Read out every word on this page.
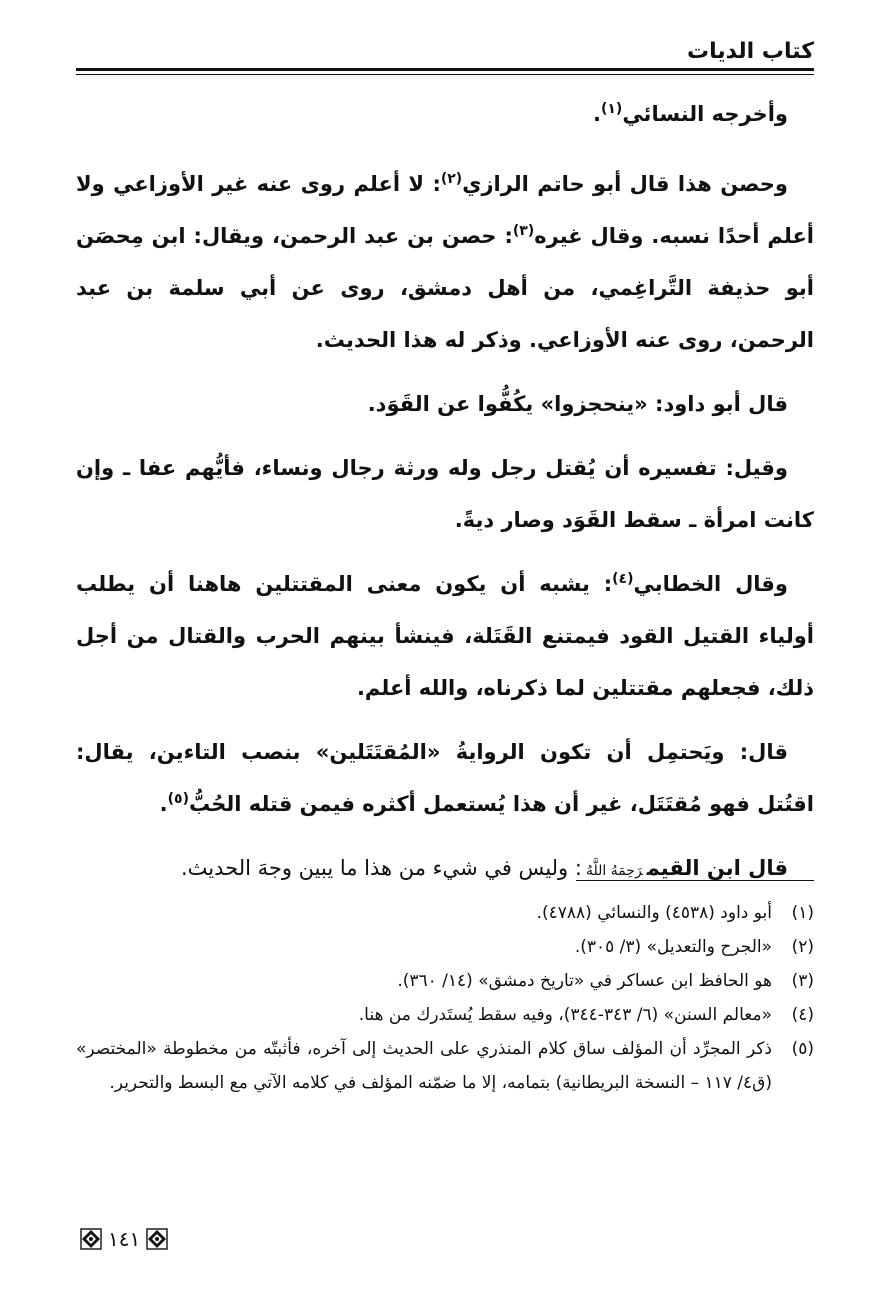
كتاب الديات

وأخرجه النسائي$^{(١)}$.

وحصن هذا قال أبو حاتم الرازي$^{(٢)}$: لا أعلم روى عنه غير الأوزاعي ولا أعلم أحدًا نسبه. وقال غيره$^{(٣)}$: حصن بن عبد الرحمن، ويقال: ابن مِحصَن أبو حذيفة التَّراغِمي، من أهل دمشق، روى عن أبي سلمة بن عبد الرحمن، روى عنه الأوزاعي. وذكر له هذا الحديث.

قال أبو داود: «ينحجزوا» يكُفُّوا عن القَوَد.

وقيل: تفسيره أن يُقتل رجل وله ورثة رجال ونساء، فأيُّهم عفا ـ وإن كانت امرأة ـ سقط القَوَد وصار ديةً.

وقال الخطابي$^{(٤)}$: يشبه أن يكون معنى المقتتلين هاهنا أن يطلب أولياء القتيل القود فيمتنع القَتَلة، فينشأ بينهم الحرب والقتال من أجل ذلك، فجعلهم مقتتلين لما ذكرناه، والله أعلم.

قال: ويَحتمِل أن تكون الروايةُ «المُقتَتَلين» بنصب التاءين، يقال: اقتُتل فهو مُقتَتَل، غير أن هذا يُستعمل أكثره فيمن قتله الحُبُّ$^{(٥)}$.

قال ابن القيمرَحِمَهُ اللَّهُ: وليس في شيء من هذا ما يبين وجهَ الحديث.

(١)
أبو داود (٤٥٣٨) والنسائي (٤٧٨٨).
(٢)
«الجرح والتعديل» (٣/ ٣٠٥).
(٣)
هو الحافظ ابن عساكر في «تاريخ دمشق» (١٤/ ٣٦٠).
(٤)
«معالم السنن» (٦/ ٣٤٣-٣٤٤)، وفيه سقط يُستَدرك من هنا.
(٥)
ذكر المجرِّد أن المؤلف ساق كلام المنذري على الحديث إلى آخره، فأثبتّه من مخطوطة «المختصر» (ق٤/ ١١٧ – النسخة البريطانية) بتمامه، إلا ما ضمّنه المؤلف في كلامه الآتي مع البسط والتحرير.
١٤١
